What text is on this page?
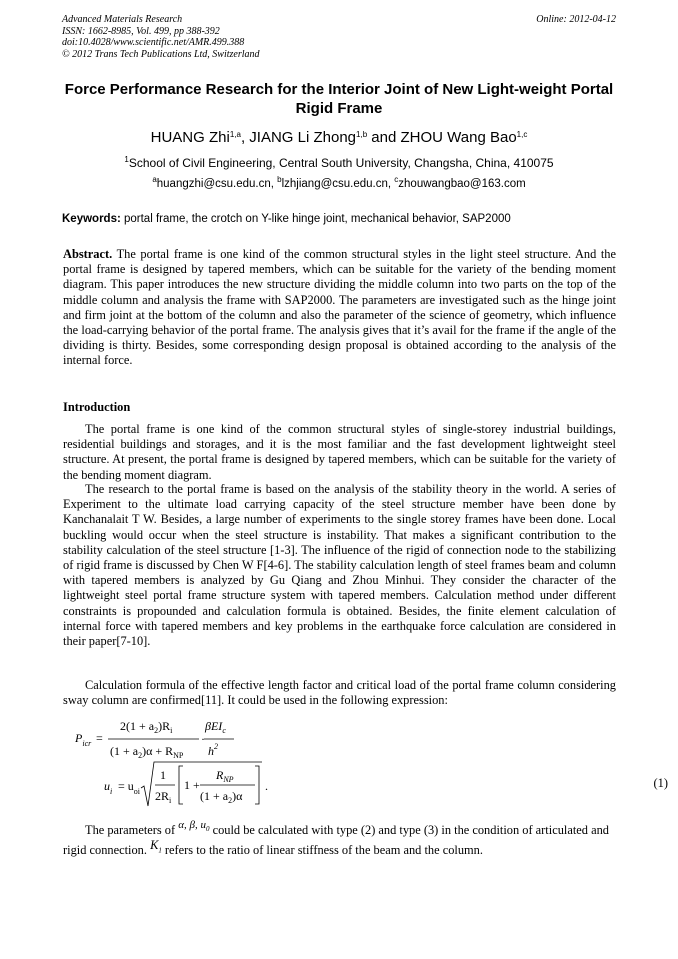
Advanced Materials Research
ISSN: 1662-8985, Vol. 499, pp 388-392
doi:10.4028/www.scientific.net/AMR.499.388
© 2012 Trans Tech Publications Ltd, Switzerland
Online: 2012-04-12
Force Performance Research for the Interior Joint of New Light-weight Portal Rigid Frame
HUANG Zhi$^{1,a}$, JIANG Li Zhong$^{1,b}$ and ZHOU Wang Bao$^{1,c}$
$^1$School of Civil Engineering, Central South University, Changsha, China, 410075
$^a$huangzhi@csu.edu.cn, $^b$lzhjiang@csu.edu.cn, $^c$zhouwangbao@163.com
Keywords: portal frame, the crotch on Y-like hinge joint, mechanical behavior, SAP2000
Abstract. The portal frame is one kind of the common structural styles in the light steel structure. And the portal frame is designed by tapered members, which can be suitable for the variety of the bending moment diagram. This paper introduces the new structure dividing the middle column into two parts on the top of the middle column and analysis the frame with SAP2000. The parameters are investigated such as the hinge joint and firm joint at the bottom of the column and also the parameter of the science of geometry, which influence the load-carrying behavior of the portal frame. The analysis gives that it’s avail for the frame if the angle of the dividing is thirty. Besides, some corresponding design proposal is obtained according to the analysis of the internal force.
Introduction
The portal frame is one kind of the common structural styles of single-storey industrial buildings, residential buildings and storages, and it is the most familiar and the fast development lightweight steel structure. At present, the portal frame is designed by tapered members, which can be suitable for the variety of the bending moment diagram.
The research to the portal frame is based on the analysis of the stability theory in the world. A series of Experiment to the ultimate load carrying capacity of the steel structure member have been done by Kanchanalait T W. Besides, a large number of experiments to the single storey frames have been done. Local buckling would occur when the steel structure is instability. That makes a significant contribution to the stability calculation of the steel structure [1-3]. The influence of the rigid of connection node to the stabilizing of rigid frame is discussed by Chen W F[4-6]. The stability calculation length of steel frames beam and column with tapered members is analyzed by Gu Qiang and Zhou Minhui. They consider the character of the lightweight steel portal frame structure system with tapered members. Calculation method under different constraints is propounded and calculation formula is obtained. Besides, the finite element calculation of internal force with tapered members and key problems in the earthquake force calculation are considered in their paper[7-10].
Calculation formula of the effective length factor and critical load of the portal frame column considering sway column are confirmed[11]. It could be used in the following expression:
$P_{icr}$ =
$2(1 + a_2)R_i$
$(1 + a_2)\alpha + R_{NP}$
·
βEI$_c$
$h^2$
$u_i = u_{oi}$
1
$2R_i$
1 +
$R_{NP}$
$(1 + a_2)\alpha$
.	(1)
The parameters of α, β, $u_0$ could be calculated with type (2) and type (3) in the condition of articulated and rigid connection. $K_1$ refers to the ratio of linear stiffness of the beam and the column.
